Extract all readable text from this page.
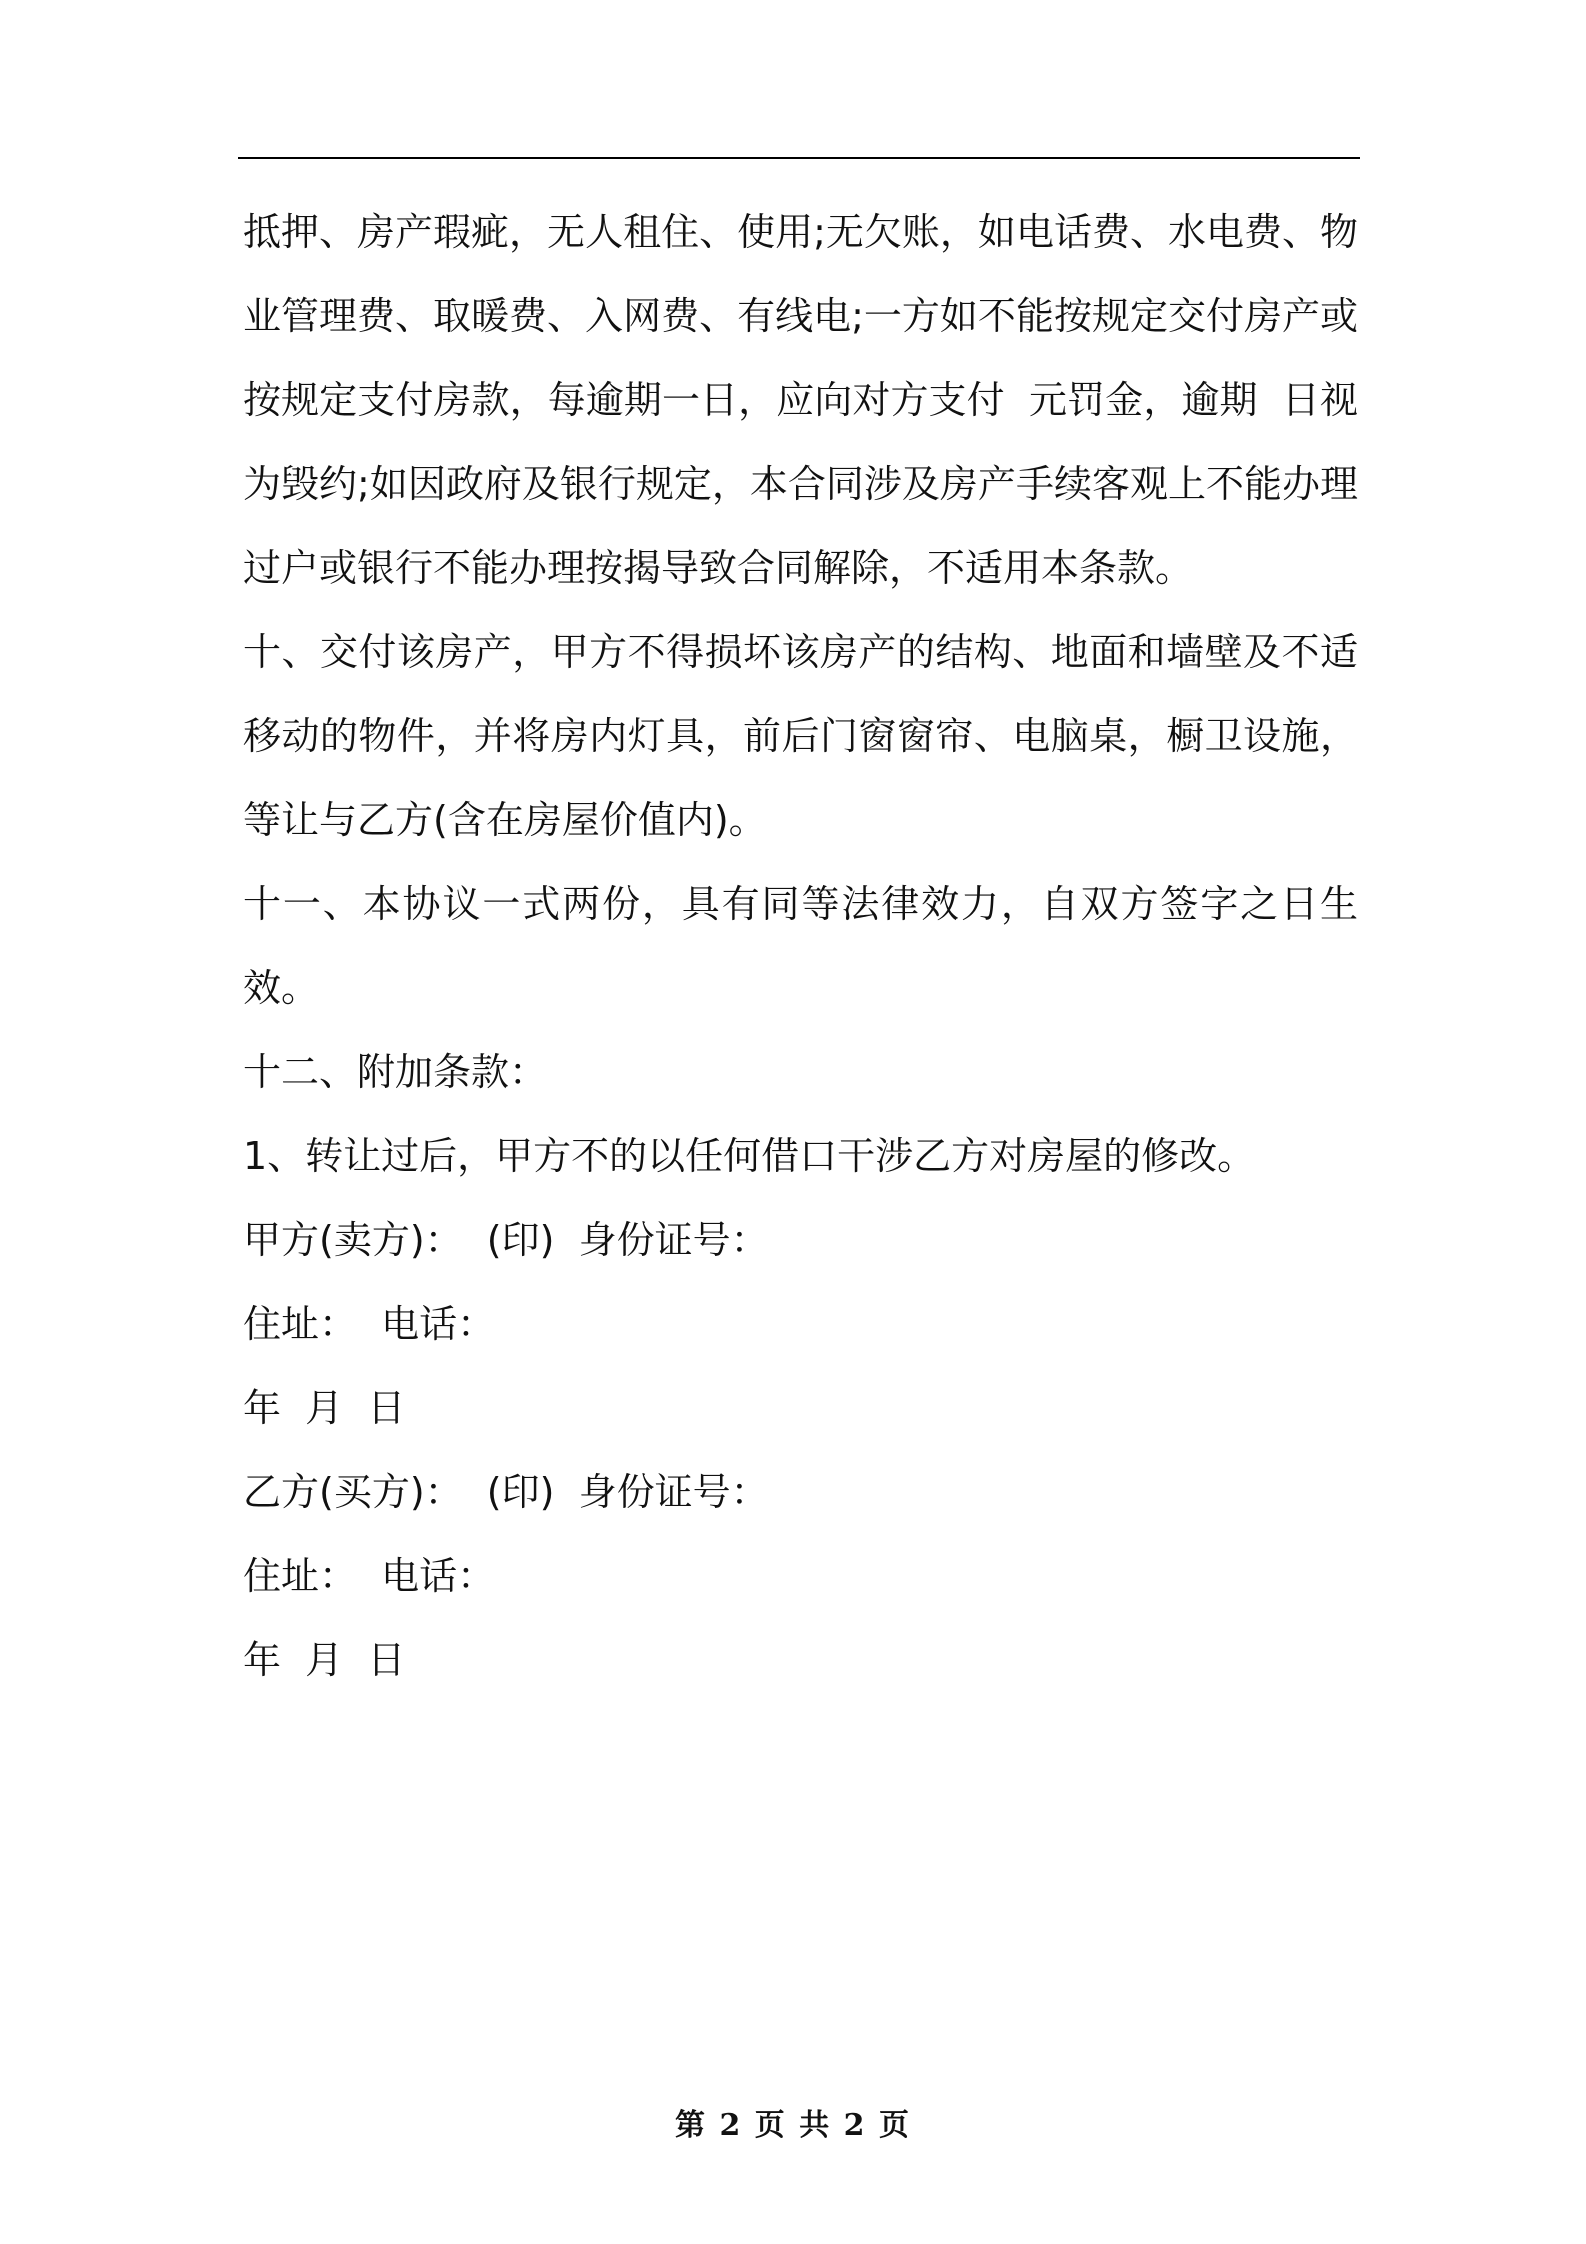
抵押、房产瑕疵，无人租住、使用;无欠账，如电话费、水电费、物业管理费、取暖费、入网费、有线电;一方如不能按规定交付房产或按规定支付房款，每逾期一日，应向对方支付  元罚金，逾期  日视为毁约;如因政府及银行规定，本合同涉及房产手续客观上不能办理过户或银行不能办理按揭导致合同解除，不适用本条款。

十、交付该房产，甲方不得损坏该房产的结构、地面和墙壁及不适移动的物件，并将房内灯具，前后门窗窗帘、电脑桌，橱卫设施，  等让与乙方(含在房屋价值内)。

十一、本协议一式两份，具有同等法律效力，自双方签字之日生效。

十二、附加条款：

1、转让过后，甲方不的以任何借口干涉乙方对房屋的修改。

甲方(卖方)：  (印)  身份证号：

住址：  电话：

年  月  日

乙方(买方)：  (印)  身份证号：

住址：  电话：

年  月  日

第 2 页 共 2 页
